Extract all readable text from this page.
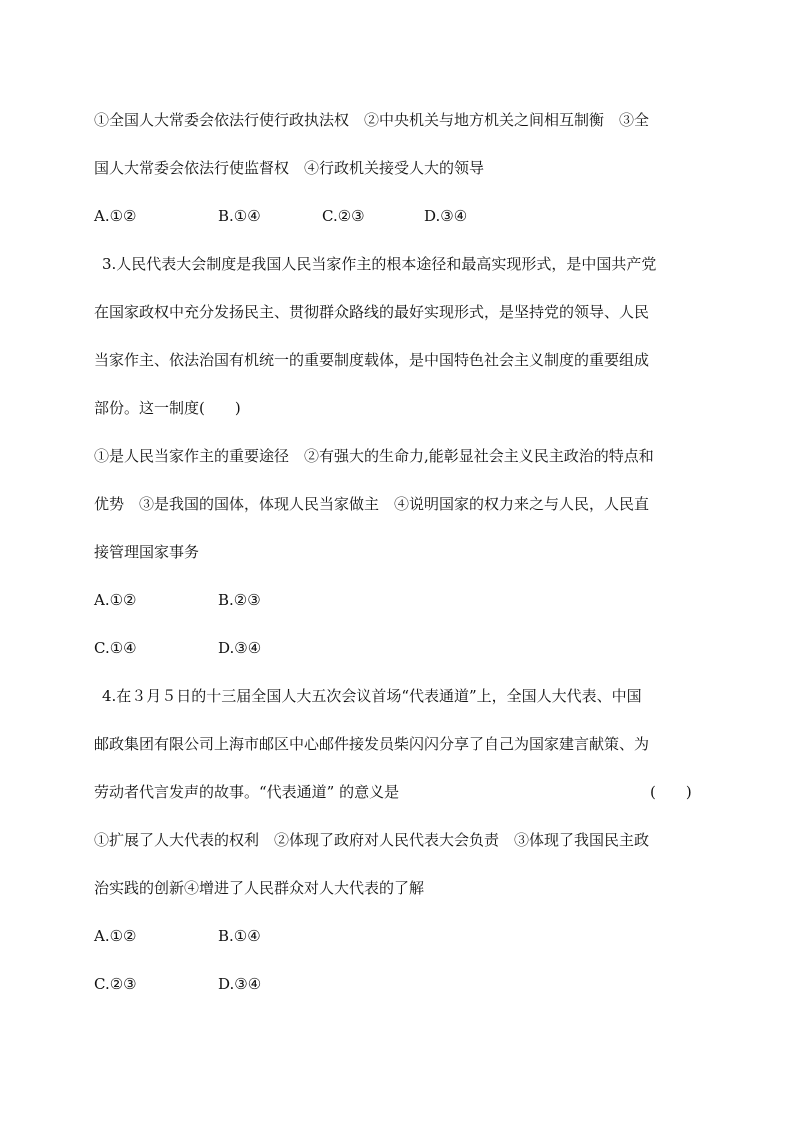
①全国人大常委会依法行使行政执法权　②中央机关与地方机关之间相互制衡　③全
国人大常委会依法行使监督权　④行政机关接受人大的领导
A.①②	B.①④	C.②③	D.③④
3.人民代表大会制度是我国人民当家作主的根本途径和最高实现形式，是中国共产党
在国家政权中充分发扬民主、贯彻群众路线的最好实现形式，是坚持党的领导、人民
当家作主、依法治国有机统一的重要制度载体，是中国特色社会主义制度的重要组成
部份。这一制度(　　)
①是人民当家作主的重要途径　②有强大的生命力,能彰显社会主义民主政治的特点和
优势　③是我国的国体，体现人民当家做主　④说明国家的权力来之与人民，人民直
接管理国家事务
A.①②	B.②③
C.①④	D.③④
4.在３月５日的十三届全国人大五次会议首场“代表通道”上，全国人大代表、中国
邮政集团有限公司上海市邮区中心邮件接发员柴闪闪分享了自己为国家建言献策、为
劳动者代言发声的故事。“代表通道” 的意义是	(　　)
①扩展了人大代表的权利　②体现了政府对人民代表大会负责　③体现了我国民主政
治实践的创新④增进了人民群众对人大代表的了解
A.①②	B.①④
C.②③	D.③④
